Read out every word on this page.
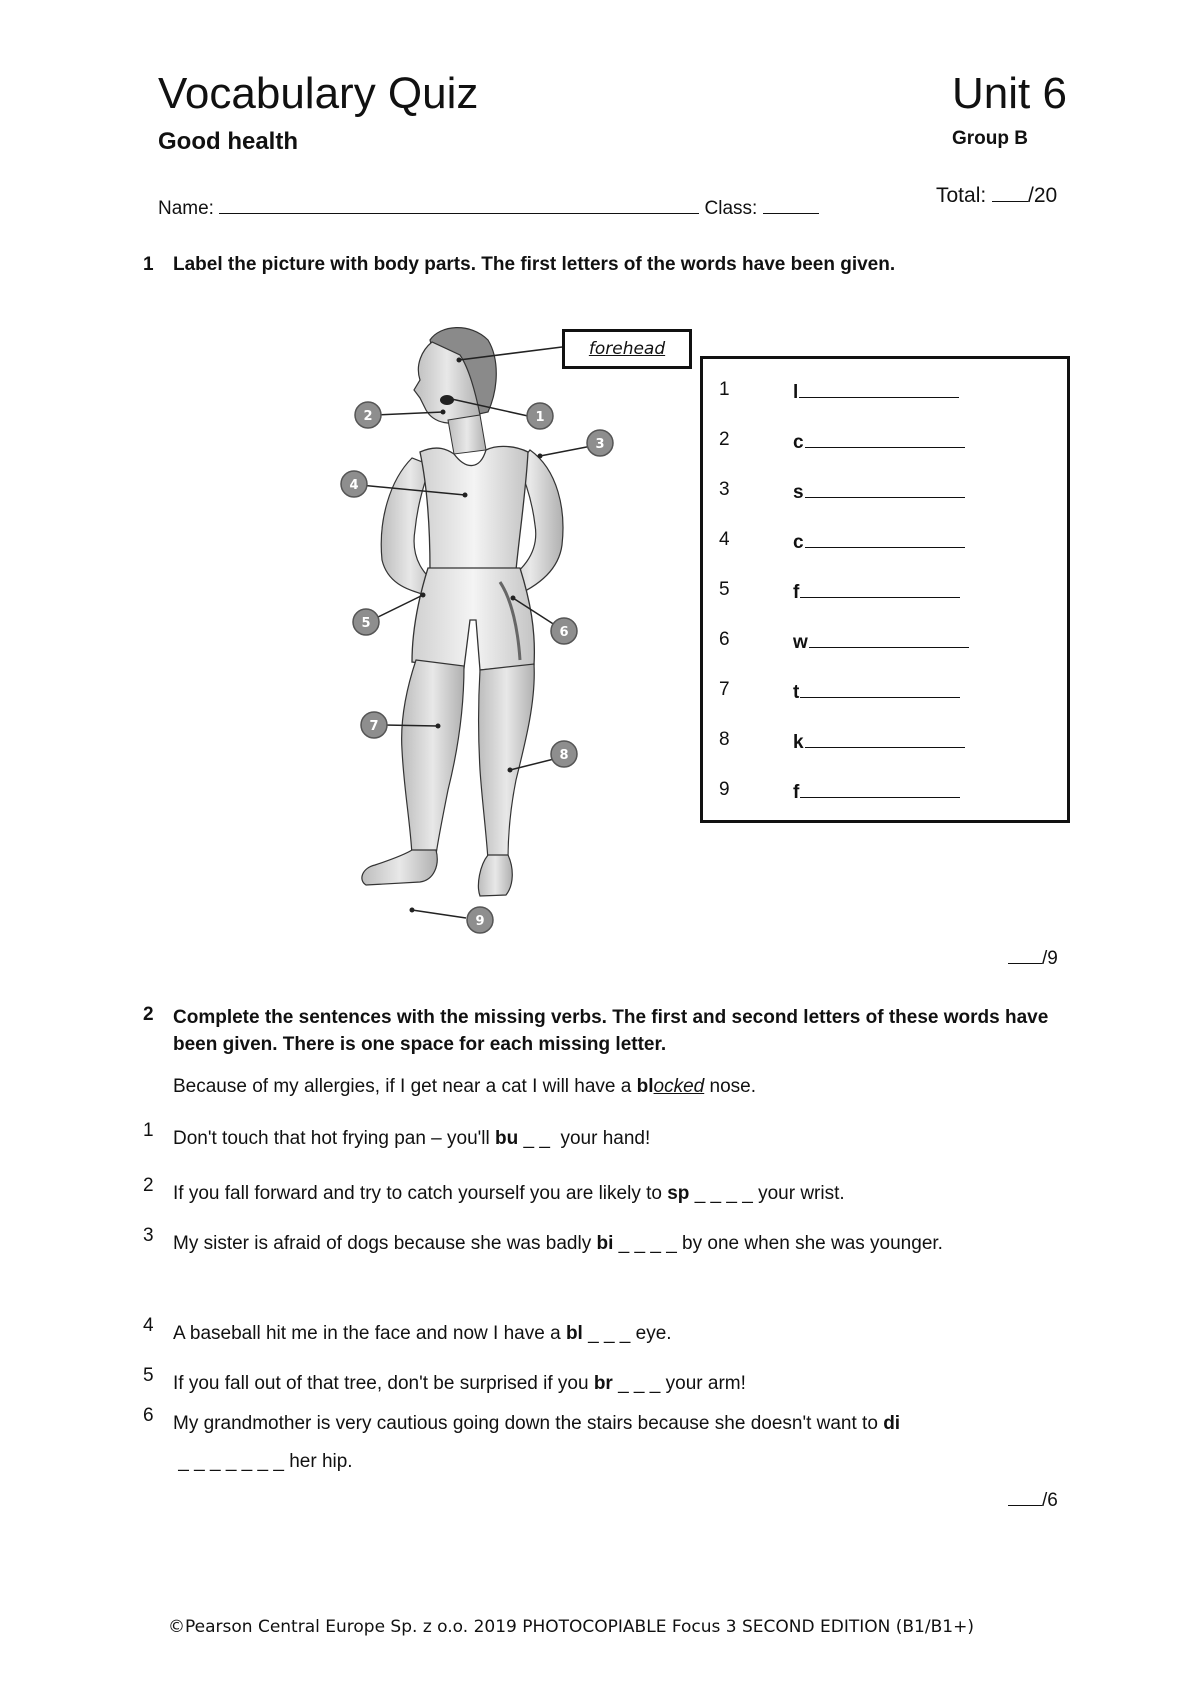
Vocabulary Quiz	Unit 6
Good health	Group B
Name:	Class:
Total: /20
1 Label the picture with body parts. The first letters of the words have been given.
1
2
3
4
5
6
7
8
9
forehead
1	l
2	c
3	s
4	c
5	f
6	w
7	t
8	k
9	f
/9
2 Complete the sentences with the missing verbs. The first and second letters of these words have been given. There is one space for each missing letter.
Because of my allergies, if I get near a cat I will have a blocked nose.
1 Don't touch that hot frying pan – you'll bu _ _  your hand!
2 If you fall forward and try to catch yourself you are likely to sp _ _ _ _ your wrist.
3 My sister is afraid of dogs because she was badly bi _ _ _ _ by one when she was younger.
4 A baseball hit me in the face and now I have a bl _ _ _ eye.
5 If you fall out of that tree, don't be surprised if you br _ _ _ your arm!
6 My grandmother is very cautious going down the stairs because she doesn't want to di _ _ _ _ _ _ _ her hip.
/6
©Pearson Central Europe Sp. z o.o. 2019 PHOTOCOPIABLE Focus 3 SECOND EDITION (B1/B1+)
